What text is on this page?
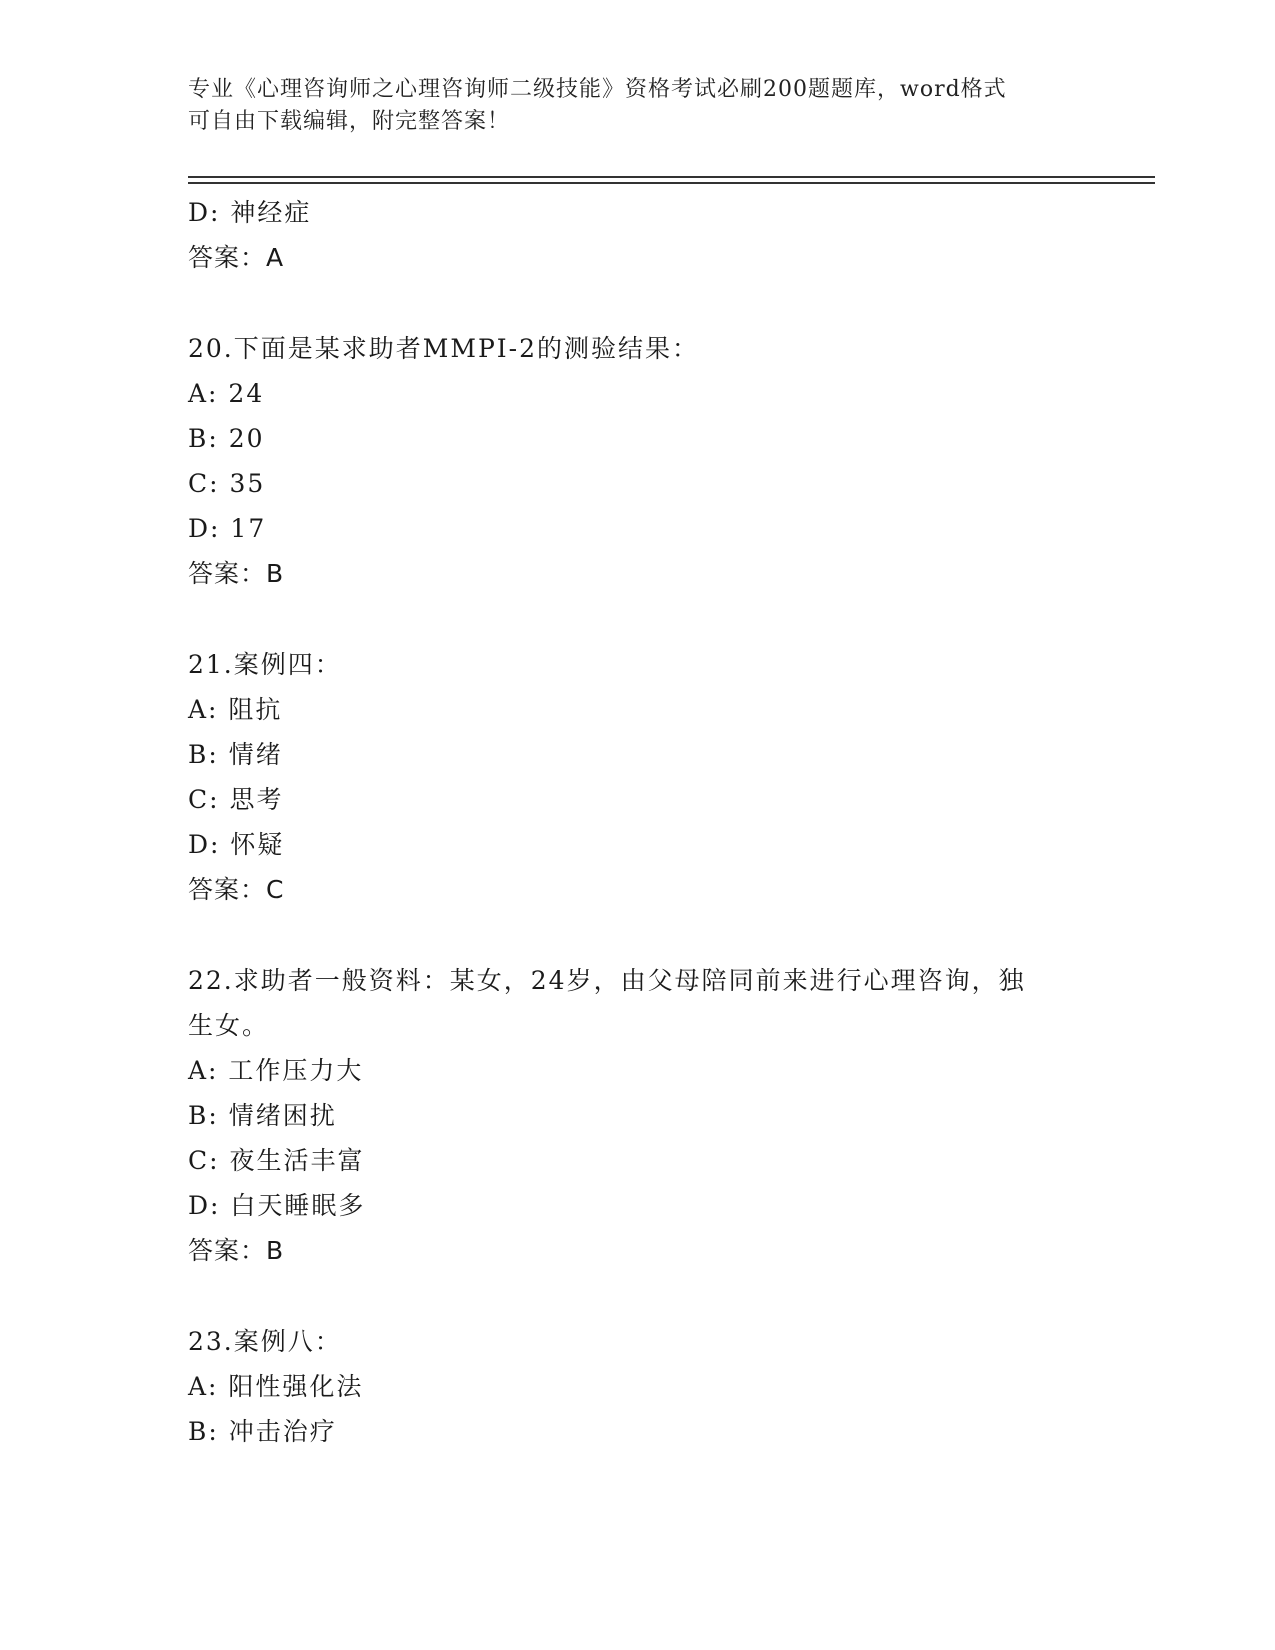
专业《心理咨询师之心理咨询师二级技能》资格考试必刷200题题库，word格式
可自由下载编辑，附完整答案！
D: 神经症
答案：A
20.下面是某求助者MMPI-2的测验结果：
A: 24
B: 20
C: 35
D: 17
答案：B
21.案例四：
A: 阻抗
B: 情绪
C: 思考
D: 怀疑
答案：C
22.求助者一般资料：某女，24岁，由父母陪同前来进行心理咨询，独
生女。
A: 工作压力大
B: 情绪困扰
C: 夜生活丰富
D: 白天睡眠多
答案：B
23.案例八：
A: 阳性强化法
B: 冲击治疗
